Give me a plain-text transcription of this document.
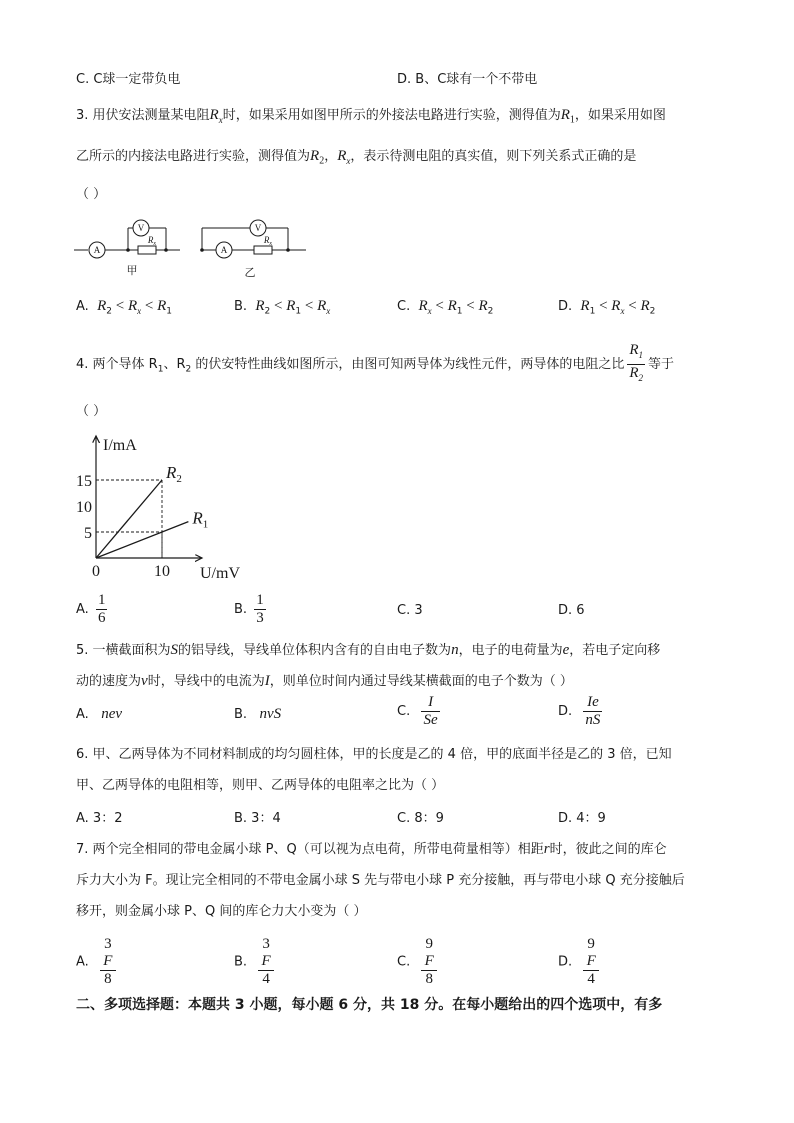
C. C球一定带负电	D. B、C球有一个不带电
3. 用伏安法测量某电阻$R_x$时，如果采用如图甲所示的外接法电路进行实验，测得值为$R_1$，如果采用如图
乙所示的内接法电路进行实验，测得值为$R_2$，$R_x$，表示待测电阻的真实值，则下列关系式正确的是
（ ）
A
V
A
V
$R_x$	$R_x$
甲	乙
A. $R_2 < R_x < R_1$	B. $R_2 < R_1 < R_x$	C. $R_x < R_1 < R_2$	D. $R_1 < R_x < R_2$
4. 两个导体 $R_1$、$R_2$ 的伏安特性曲线如图所示，由图可知两导体为线性元件，两导体的电阻之比 $\frac{R_1}{R_2}$ 等于
（ ）
$R_2$
$R_1$
5
10
15
0	10
I/mA
U/mV
A. $\frac{1}{6}$	B. $\frac{1}{3}$	C. 3	D. 6
5. 一横截面积为S的铝导线，导线单位体积内含有的自由电子数为n，电子的电荷量为e，若电子定向移
动的速度为v时，导线中的电流为I，则单位时间内通过导线某横截面的电子个数为（ ）
A. nev	B. nvS	C. $\frac{I}{Se}$	D. $\frac{Ie}{nS}$
6. 甲、乙两导体为不同材料制成的均匀圆柱体，甲的长度是乙的 4 倍，甲的底面半径是乙的 3 倍，已知
甲、乙两导体的电阻相等，则甲、乙两导体的电阻率之比为（ ）
A. 3：2	B. 3：4	C. 8：9	D. 4：9
7. 两个完全相同的带电金属小球 P、Q（可以视为点电荷，所带电荷量相等）相距r时，彼此之间的库仑
斥力大小为 F。现让完全相同的不带电金属小球 S 先与带电小球 P 充分接触，再与带电小球 Q 充分接触后
移开，则金属小球 P、Q 间的库仑力大小变为（ ）
A. 3
F
8	B. 3
F
4	C. 9
F
8	D. 9
F
4
二、多项选择题：本题共 3 小题，每小题 6 分，共 18 分。在每小题给出的四个选项中，有多
